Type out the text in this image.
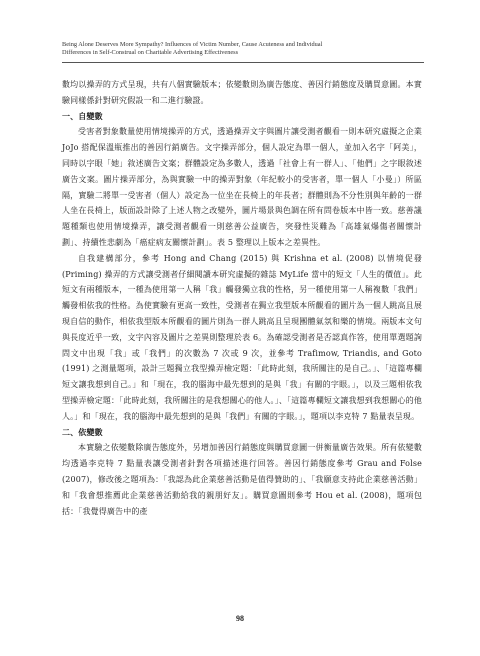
Being Alone Deserves More Sympathy? Influences of Victim Number, Cause Acuteness and Individual
Differences in Self-Construal on Charitable Advertising Effectiveness

數均以操弄的方式呈現，共有八個實驗版本；依變數則為廣告態度、善因行銷態度及購買意圖。本實驗同樣係針對研究假設一和二進行驗證。

一、自變數

受害者對象數量使用情境操弄的方式，透過操弄文字與圖片讓受測者觀看一則本研究虛擬之企業 JoJo 搭配保溫瓶推出的善因行銷廣告。文字操弄部分，個人設定為單一個人，並加入名字「阿美」，同時以字眼「她」敘述廣告文案；群體設定為多數人，透過「社會上有一群人」、「他們」之字眼敘述廣告文案。圖片操弄部分，為與實驗一中的操弄對象（年紀較小的受害者，單一個人「小曼」）所區隔，實驗二將單一受害者（個人）設定為一位坐在長椅上的年長者；群體則為不分性別與年齡的一群人坐在長椅上，版面設計除了上述人物之改變外，圖片場景與色調在所有問卷版本中皆一致。慈善議題種類也使用情境操弄，讓受測者觀看一則慈善公益廣告，突發性災難為「高雄氣爆傷者關懷計劃」、持續性悲劇為「癌症病友關懷計劃」。表 5 整理以上版本之差異性。

自我建構部分，參考 Hong and Chang (2015) 與 Krishna et al. (2008) 以情境促發 (Priming) 操弄的方式讓受測者仔細閱讀本研究虛擬的雜誌 MyLife 當中的短文「人生的價值」。此短文有兩種版本，一種為使用第一人稱「我」觸發獨立我的性格，另一種使用第一人稱複數「我們」觸發相依我的性格。為使實驗有更高一致性，受測者在獨立我型版本所觀看的圖片為一個人跳高且展現自信的動作，相依我型版本所觀看的圖片則為一群人跳高且呈現團體氣氛和樂的情境。兩版本文句與長度近乎一致，文字內容及圖片之差異則整理於表 6。為確認受測者是否認真作答，使用單選題詢問文中出現「我」或「我們」的次數為 7 次或 9 次，並參考 Trafimow, Triandis, and Goto (1991) 之測量題項，設計三題獨立我型操弄檢定題：「此時此刻，我所關注的是自己。」、「這篇專欄短文讓我想到自己。」和「現在，我的腦海中最先想到的是與「我」有關的字眼。」，以及三題相依我型操弄檢定題：「此時此刻，我所關注的是我想關心的他人。」、「這篇專欄短文讓我想到我想關心的他人。」和「現在，我的腦海中最先想到的是與「我們」有關的字眼。」，題項以李克特 7 點量表呈現。

二、依變數

本實驗之依變數除廣告態度外，另增加善因行銷態度與購買意圖一併衡量廣告效果。所有依變數均透過李克特 7 點量表讓受測者針對各項描述進行回答。善因行銷態度參考 Grau and Folse (2007)，修改後之題項為：「我認為此企業慈善活動是值得贊助的」、「我願意支持此企業慈善活動」和「我會想推薦此企業慈善活動給我的親朋好友」。購買意圖則參考 Hou et al. (2008)，題項包括：「我覺得廣告中的產

98
